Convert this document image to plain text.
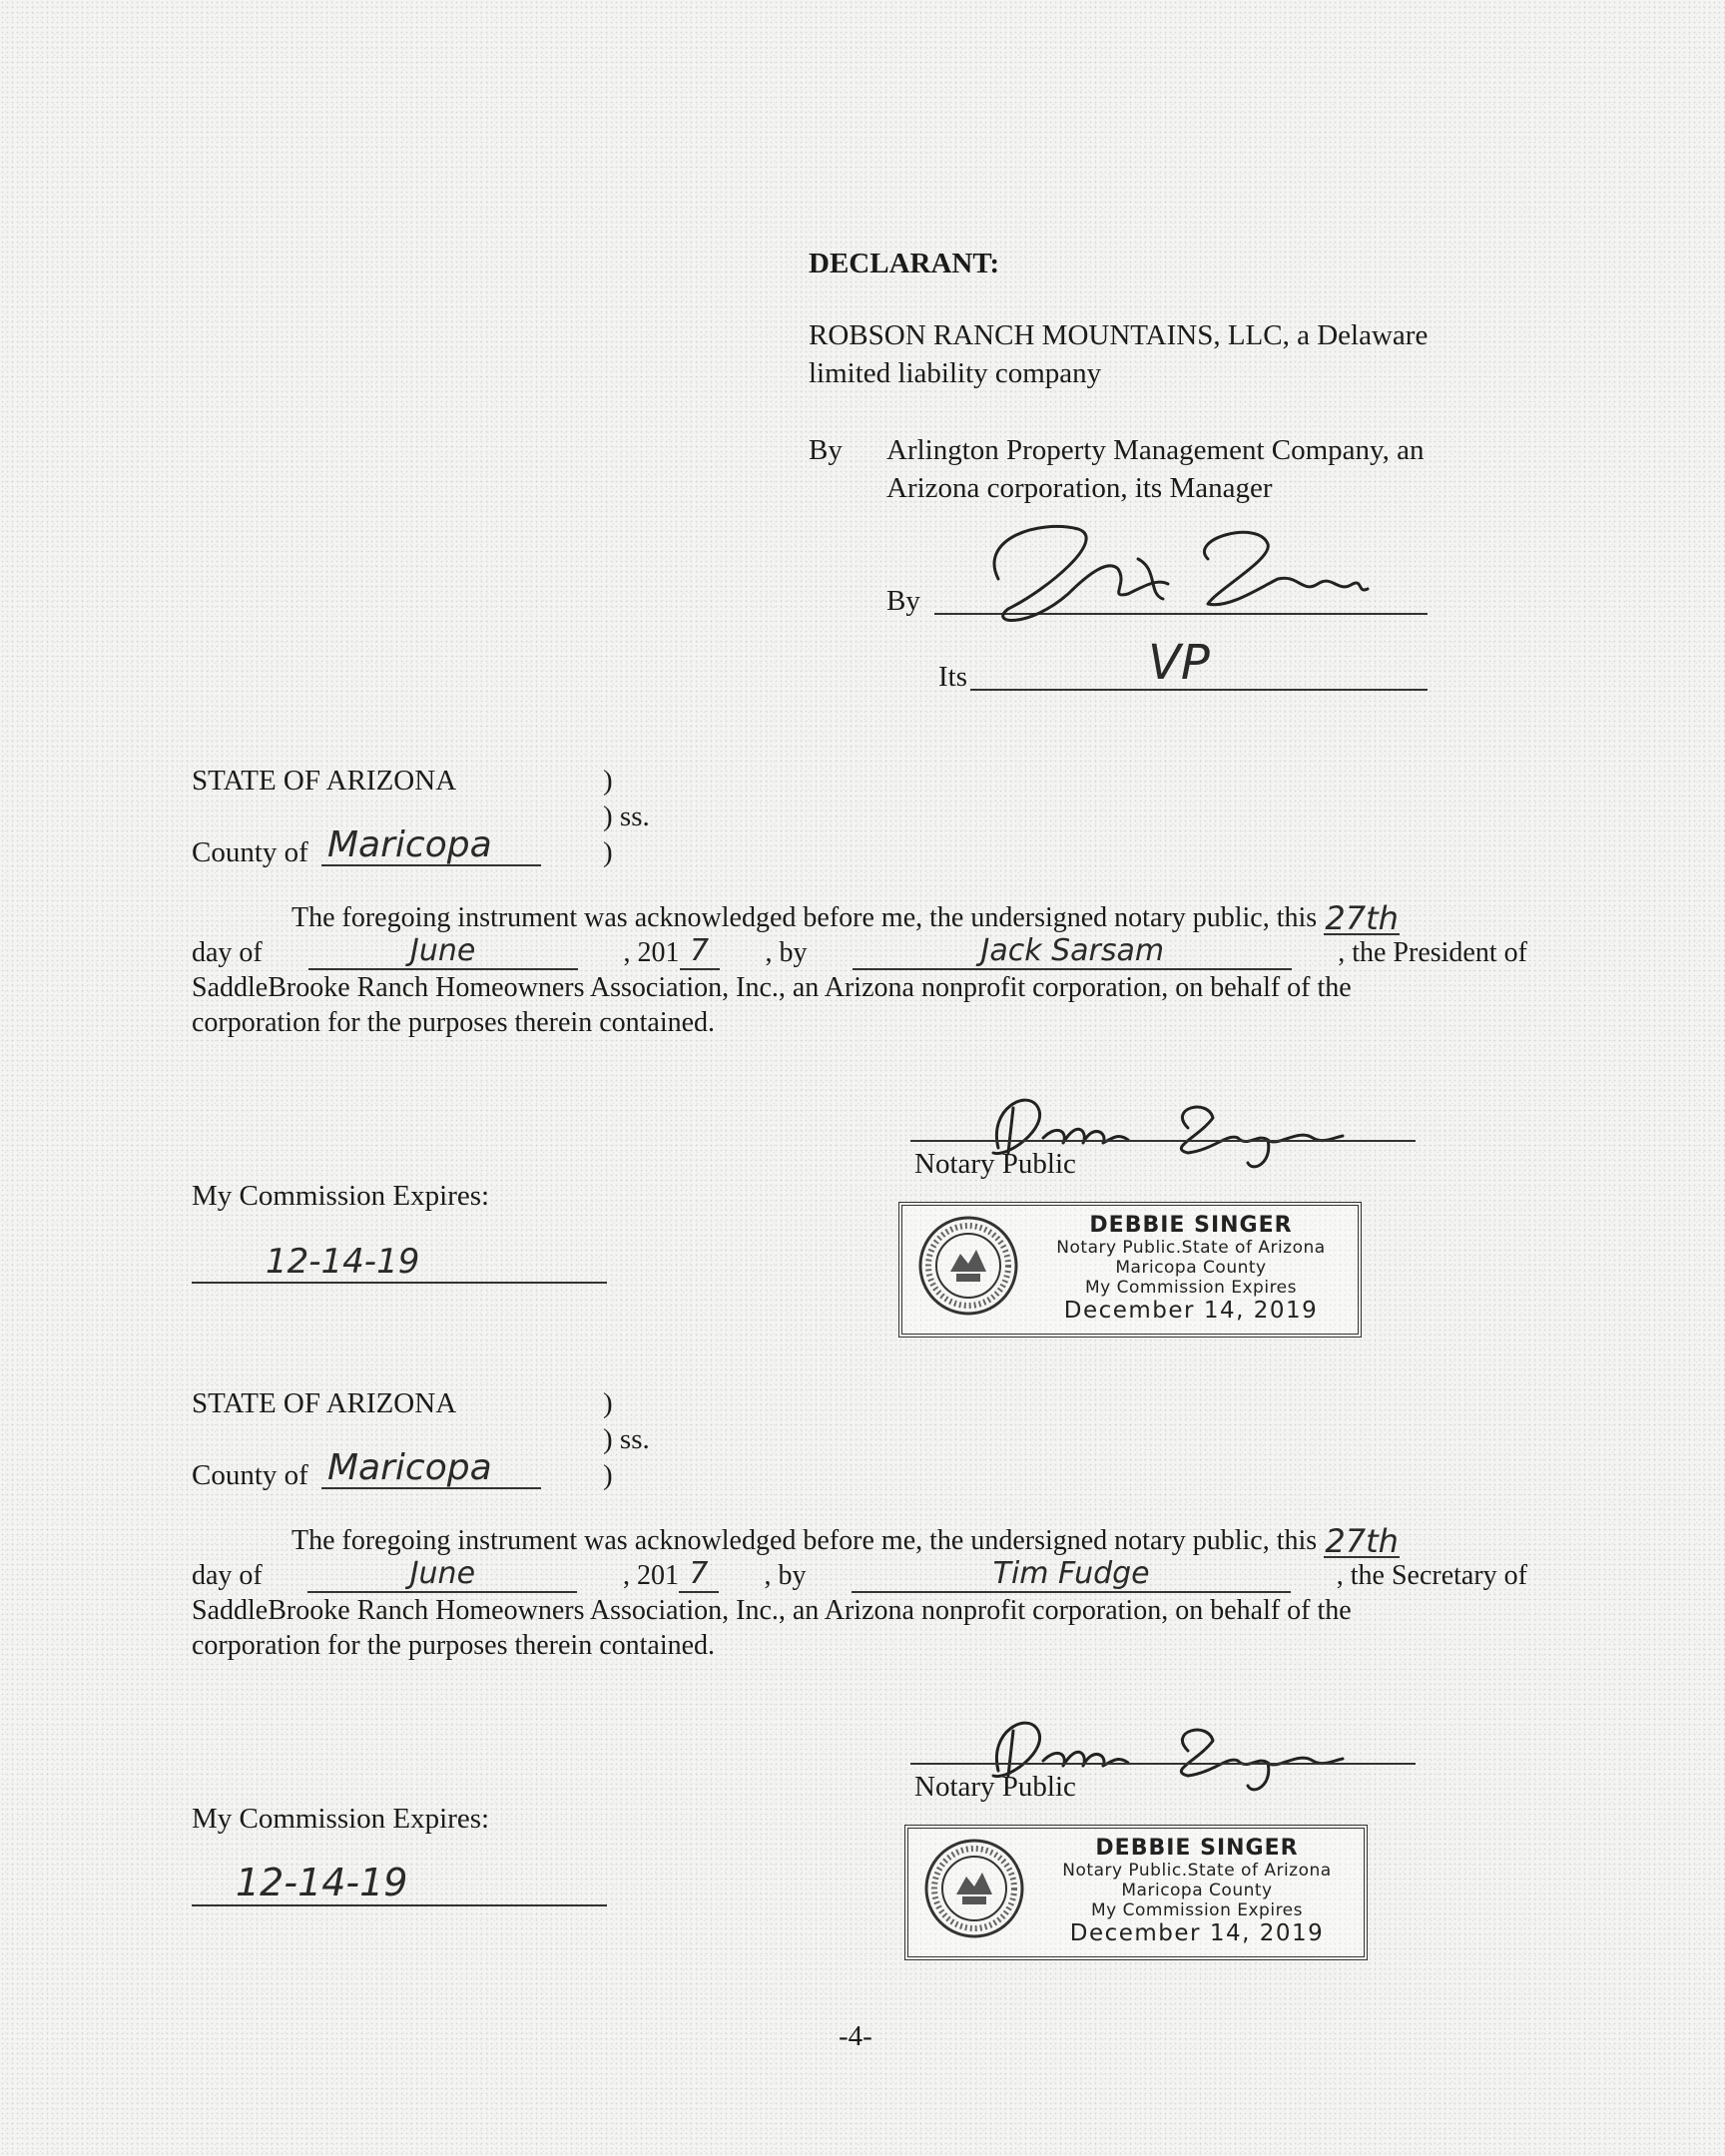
DECLARANT:
ROBSON RANCH MOUNTAINS, LLC, a Delaware
limited liability company
By Arlington Property Management Company, an
Arizona corporation, its Manager
By
Its	VP
STATE OF ARIZONA	)
) ss.
)
County of Maricopa
The foregoing instrument was acknowledged before me, the undersigned notary public, this 27th
day of	June	, 201 7	, by	Jack Sarsam	, the President of
SaddleBrooke Ranch Homeowners Association, Inc., an Arizona nonprofit corporation, on behalf of the
corporation for the purposes therein contained.
Notary Public
My Commission Expires:
12-14-19
DEBBIE SINGER
Notary Public.State of Arizona
Maricopa County
My Commission Expires
December 14, 2019
STATE OF ARIZONA	)
) ss.
)
County of Maricopa
The foregoing instrument was acknowledged before me, the undersigned notary public, this 27th
day of	June	, 201 7	, by	Tim Fudge	, the Secretary of
SaddleBrooke Ranch Homeowners Association, Inc., an Arizona nonprofit corporation, on behalf of the
corporation for the purposes therein contained.
Notary Public
My Commission Expires:
12-14-19
DEBBIE SINGER
Notary Public.State of Arizona
Maricopa County
My Commission Expires
December 14, 2019
-4-
